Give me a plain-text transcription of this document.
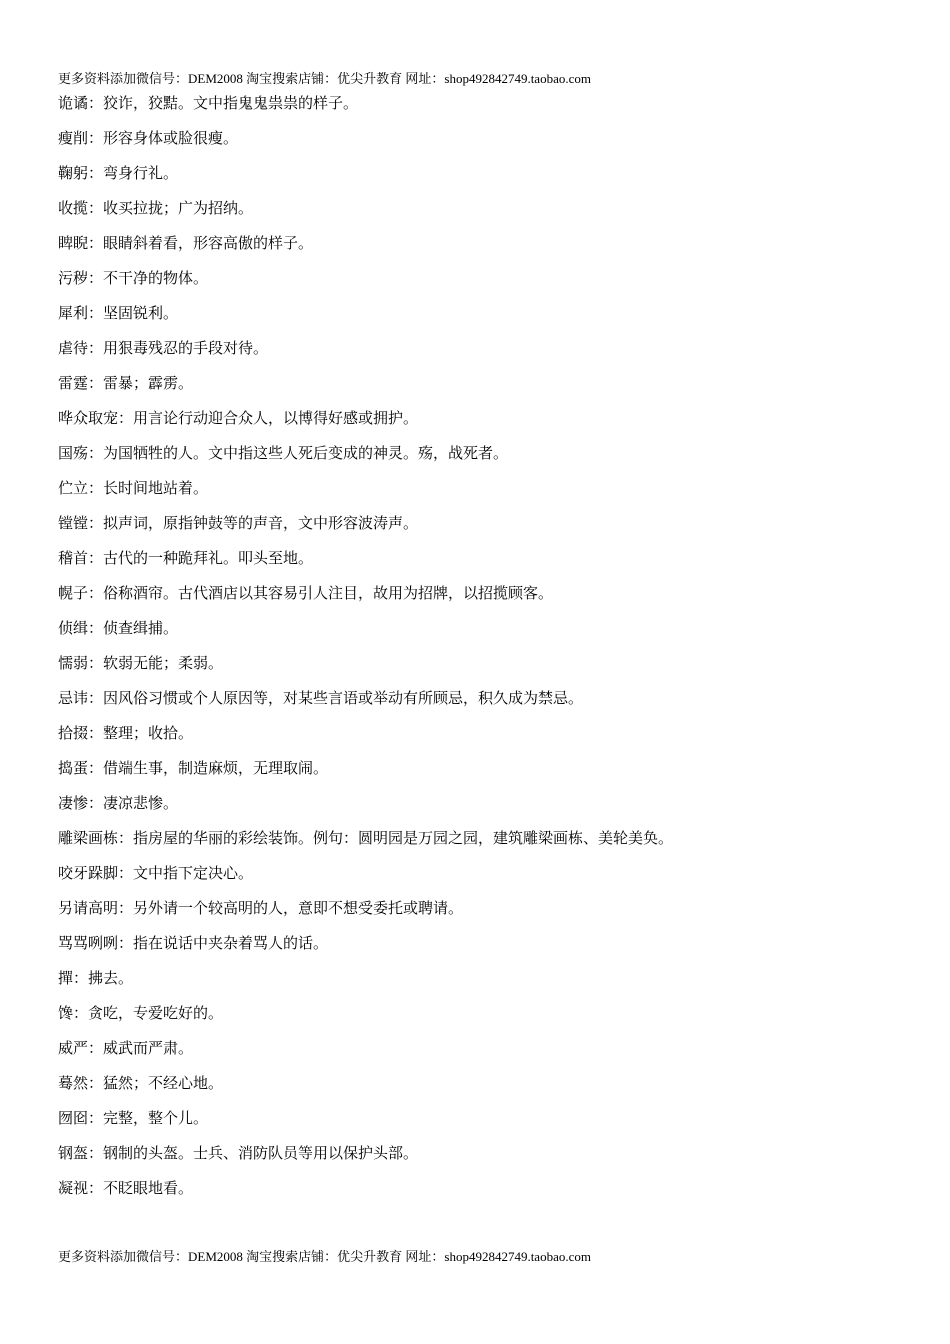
更多资料添加微信号：DEM2008 淘宝搜索店铺：优尖升教育 网址：shop492842749.taobao.com
诡谲：狡诈，狡黠。文中指鬼鬼祟祟的样子。
瘦削：形容身体或脸很瘦。
鞠躬：弯身行礼。
收揽：收买拉拢；广为招纳。
睥睨：眼睛斜着看，形容高傲的样子。
污秽：不干净的物体。
犀利：坚固锐利。
虐待：用狠毒残忍的手段对待。
雷霆：雷暴；霹雳。
哗众取宠：用言论行动迎合众人，以博得好感或拥护。
国殇：为国牺牲的人。文中指这些人死后变成的神灵。殇，战死者。
伫立：长时间地站着。
镗镗：拟声词，原指钟鼓等的声音，文中形容波涛声。
稽首：古代的一种跪拜礼。叩头至地。
幌子：俗称酒帘。古代酒店以其容易引人注目，故用为招牌，以招揽顾客。
侦缉：侦查缉捕。
懦弱：软弱无能；柔弱。
忌讳：因风俗习惯或个人原因等，对某些言语或举动有所顾忌，积久成为禁忌。
拾掇：整理；收拾。
捣蛋：借端生事，制造麻烦，无理取闹。
凄惨：凄凉悲惨。
雕梁画栋：指房屋的华丽的彩绘装饰。例句：圆明园是万园之园，建筑雕梁画栋、美轮美奂。
咬牙跺脚：文中指下定决心。
另请高明：另外请一个较高明的人，意即不想受委托或聘请。
骂骂咧咧：指在说话中夹杂着骂人的话。
撣：拂去。
馋：贪吃，专爱吃好的。
威严：威武而严肃。
蓦然：猛然；不经心地。
囫囵：完整，整个儿。
钢盔：钢制的头盔。士兵、消防队员等用以保护头部。
凝视：不眨眼地看。
更多资料添加微信号：DEM2008 淘宝搜索店铺：优尖升教育 网址：shop492842749.taobao.com
